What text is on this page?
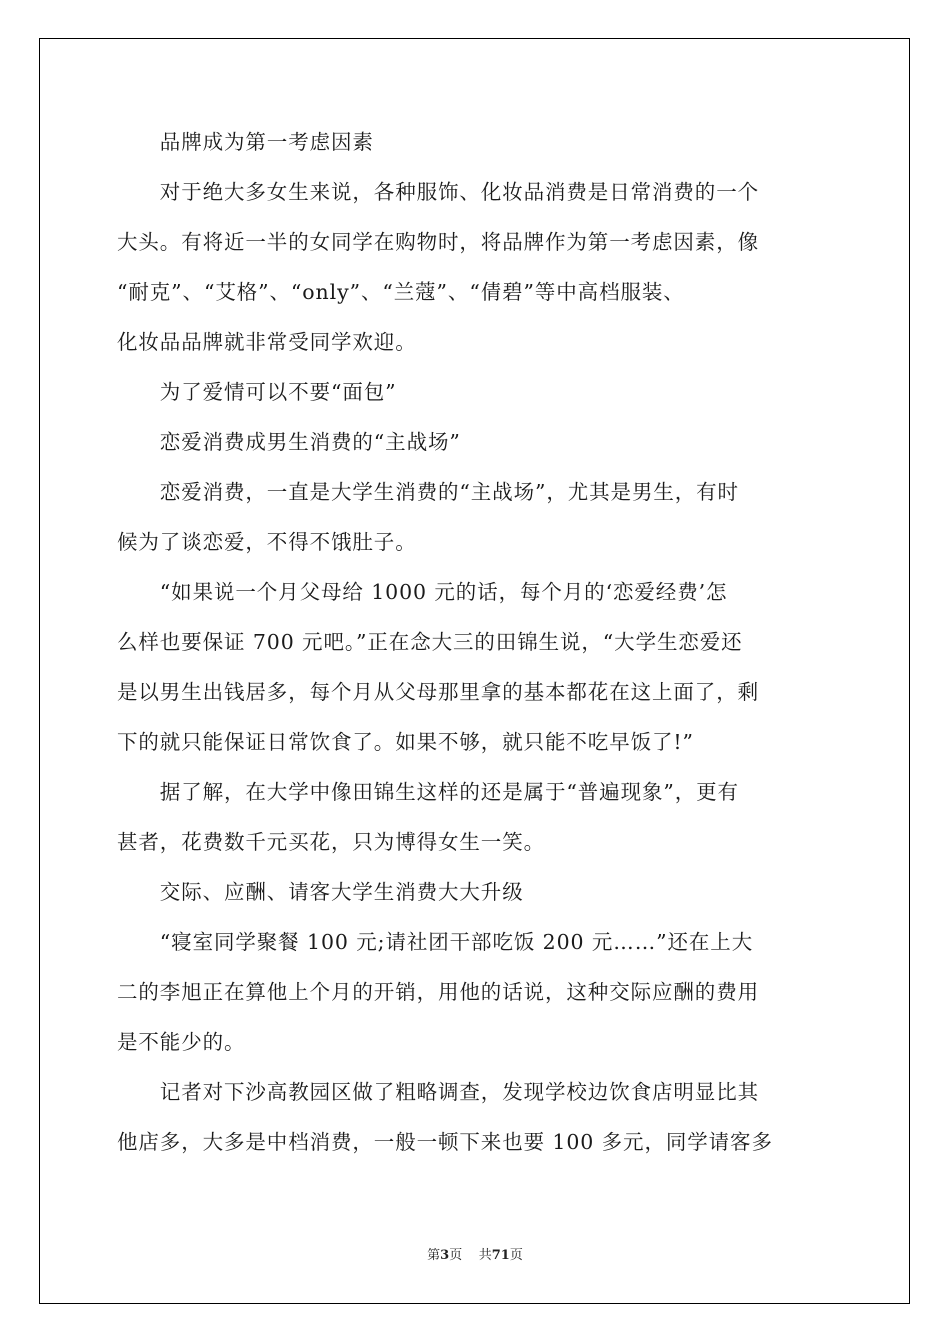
　　品牌成为第一考虑因素
　　对于绝大多女生来说，各种服饰、化妆品消费是日常消费的一个
大头。有将近一半的女同学在购物时，将品牌作为第一考虑因素，像
“耐克”、“艾格”、“only”、“兰蔻”、“倩碧”等中高档服装、
化妆品品牌就非常受同学欢迎。
　　为了爱情可以不要“面包”
　　恋爱消费成男生消费的“主战场”
　　恋爱消费，一直是大学生消费的“主战场”，尤其是男生，有时
候为了谈恋爱，不得不饿肚子。
　　“如果说一个月父母给 1000 元的话，每个月的‘恋爱经费’怎
么样也要保证 700 元吧。”正在念大三的田锦生说，“大学生恋爱还
是以男生出钱居多，每个月从父母那里拿的基本都花在这上面了，剩
下的就只能保证日常饮食了。如果不够，就只能不吃早饭了!”
　　据了解，在大学中像田锦生这样的还是属于“普遍现象”，更有
甚者，花费数千元买花，只为博得女生一笑。
　　交际、应酬、请客大学生消费大大升级
　　“寝室同学聚餐 100 元;请社团干部吃饭 200 元……”还在上大
二的李旭正在算他上个月的开销，用他的话说，这种交际应酬的费用
是不能少的。
　　记者对下沙高教园区做了粗略调查，发现学校边饮食店明显比其
他店多，大多是中档消费，一般一顿下来也要 100 多元，同学请客多
第3页 共71页
